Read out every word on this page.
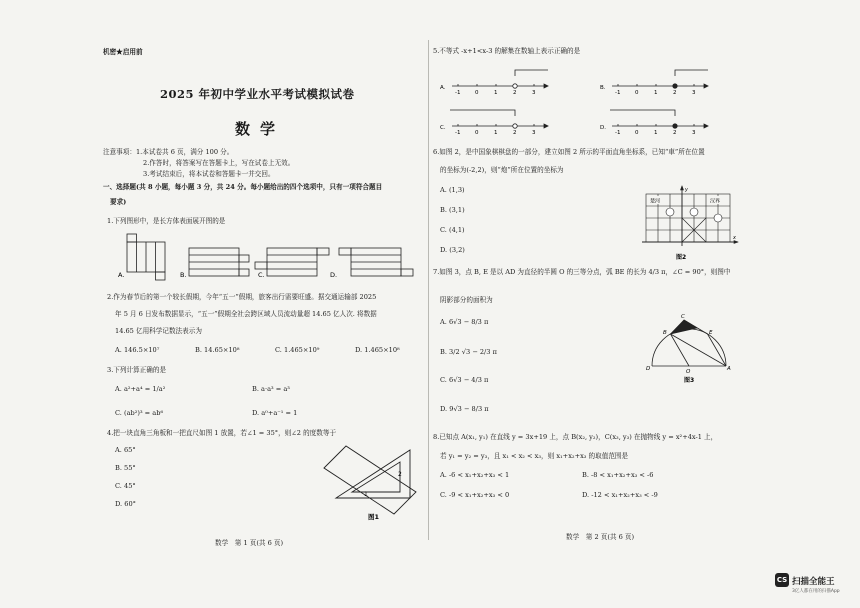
机密★启用前
2025 年初中学业水平考试模拟试卷
数学
注意事项：1.本试卷共 6 页，满分 100 分。
2.作答时，将答案写在答题卡上，写在试卷上无效。
3.考试结束后，将本试卷和答题卡一并交回。
一、选择题(共 8 小题，每小题 3 分，共 24 分。每小题给出的四个选项中，只有一项符合题目
要求)
1.下列图形中，是长方体表面展开图的是
A.	B.	C.	D.
2.作为春节后的第一个较长假期，今年“五一”假期，旅客出行需要旺盛。据交通运输部 2025
年 5 月 6 日发布数据显示，“五一”假期全社会跨区域人员流动量超 14.65 亿人次. 将数据
14.65 亿用科学记数法表示为
A. 146.5×10⁷	B. 14.65×10⁸	C. 1.465×10⁹	D. 1.465×10⁸
3.下列计算正确的是
A. a²+a⁴ = 1/a²	B. a·a³ = a³
C. (ab²)³ = ab⁶	D. a⁰+a⁻¹ = 1
4.把一块直角三角板和一把直尺如图 1 放置，若∠1 = 35°，则∠2 的度数等于
A. 65°
B. 55°
C. 45°
D. 60°
1
2
图1
数学　第 1 页(共 6 页)
5.不等式 -x+1<x-3 的解集在数轴上表示正确的是
A.	B.
C.	D.
-1	0	1	2	3	-1	0	1	2	3
-1	0	1	2	3	-1	0	1	2	3
6.如图 2，是中国象棋棋盘的一部分，建立如图 2 所示的平面直角坐标系，已知“車”所在位置
的坐标为(-2,2)，则“炮”所在位置的坐标为
A. (1,3)
B. (3,1)
C. (4,1)
D. (3,2)
楚河	汉界
y
x
图2
7.如图 3，点 B, E 是以 AD 为直径的半圆 O 的三等分点，弧 BE 的长为 4/3 π，∠C = 90°，则图中
阴影部分的面积为
A. 6√3 − 8/3 π
B. 3/2 √3 − 2/3 π
C. 6√3 − 4/3 π
D. 9√3 − 8/3 π
C
B	E
D	O	A
图3
8.已知点 A(x₁, y₁) 在直线 y = 3x+19 上，点 B(x₂, y₂)，C(x₃, y₃) 在抛物线 y = x²+4x-1 上，
若 y₁ = y₂ = y₃，且 x₁ < x₂ < x₃，则 x₁+x₂+x₃ 的取值范围是
A. -6 < x₁+x₂+x₃ < 1	B. -8 < x₁+x₂+x₃ < -6
C. -9 < x₁+x₂+x₃ < 0	D. -12 < x₁+x₂+x₃ < -9
数学　第 2 页(共 6 页)
CS 扫描全能王
3亿人都在用的扫描App
